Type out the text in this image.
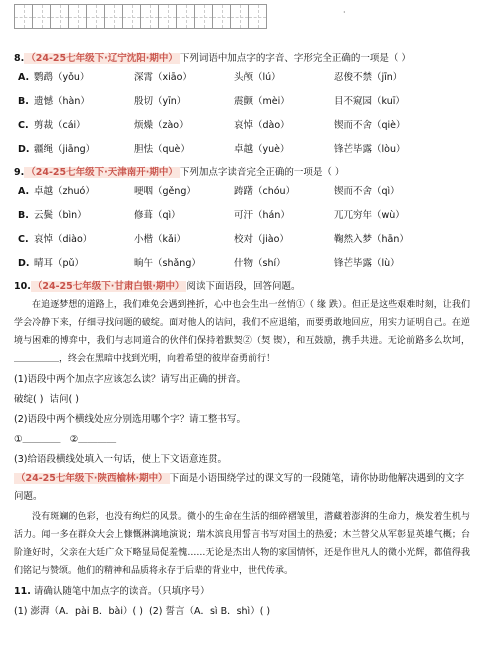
·

8. （24-25七年级下·辽宁沈阳·期中） 下列词语中加点字的字音、字形完全正确的一项是（ ）

A. 鹦鹉（yǒu）	深霄（xiāo）	头颅（lú）	忍俊不禁（jīn）
B. 遗憾（hàn）	殷切（yīn）	震颤（mèi）	目不窥园（kuī）
C. 剪裁（cái）	烦燥（zào）	哀悼（dào）	锲而不舍（qiè）
D. 疆绳（jiāng）	胆怯（què）	卓越（yuè）	锋芒毕露（lòu）

9. （24-25七年级下·天津南开·期中） 下列加点字读音完全正确的一项是（ ）

A. 卓越（zhuó）	哽咽（gěng）	踌躇（chóu）	锲而不舍（qì）
B. 云鬓（bìn）	修葺（qì）	可汗（hán）	兀兀穷年（wù）
C. 哀悼（diào）	小楷（kǎi）	校对（jiào）	鞠然入梦（hān）
D. 晴耳（pǔ）	晌午（shǎng）	什物（shí）	锋芒毕露（lù）

10. （24-25七年级下·甘肃白银·期中） 阅读下面语段，回答问题。

在追逐梦想的道路上，我们难免会遇到挫折，心中也会生出一丝悄①（ 缘 跌）。但正是这些艰难时刻，让我们学会冷静下来，仔细寻找问题的破绽。面对他人的诘问，我们不应退缩，而要勇敢地回应，用实力证明自己。在逆境与困难的博弈中，我们与志同道合的伙伴们保持着默契②（契 锲），和互鼓励，携手共进。无论前路多么坎坷，＿＿＿＿＿，终会在黑暗中找到光明，向着希望的彼岸奋勇前行！

(1)语段中两个加点字应该怎么读？请写出正确的拼音。

破绽( ) 诘问( )

(2)语段中两个横线处应分别选用哪个字？请工整书写。

①＿＿＿＿ ②＿＿＿＿

(3)给语段横线处填入一句话，使上下文语意连贯。

（24-25七年级下·陕西榆林·期中） 下面是小语围绕学过的课文写的一段随笔，请你协助他解决遇到的文字问题。

没有斑斓的色彩，也没有绚烂的风景。微小的生命在生活的细碎褶皱里，潜藏着澎湃的生命力，焕发着生机与活力。闻一多在群众大会上慷慨淋漓地演说；瑞木滨良用誓言书写对国土的热爱；木兰替父从军彰显英雄气概；台阶逢好时，父亲在大廷广众下略显局促羞愧……无论是杰出人物的家国情怀，还是作世凡人的微小光辉，都值得我们铭记与赞颂。他们的精神和品质将永存于后辈的背业中，世代传承。

11. 请确认随笔中加点字的读音。（只填序号）

(1) 澎湃（A．pài B．bài）( ) (2) 誓言（A．sì B．shì）( )
